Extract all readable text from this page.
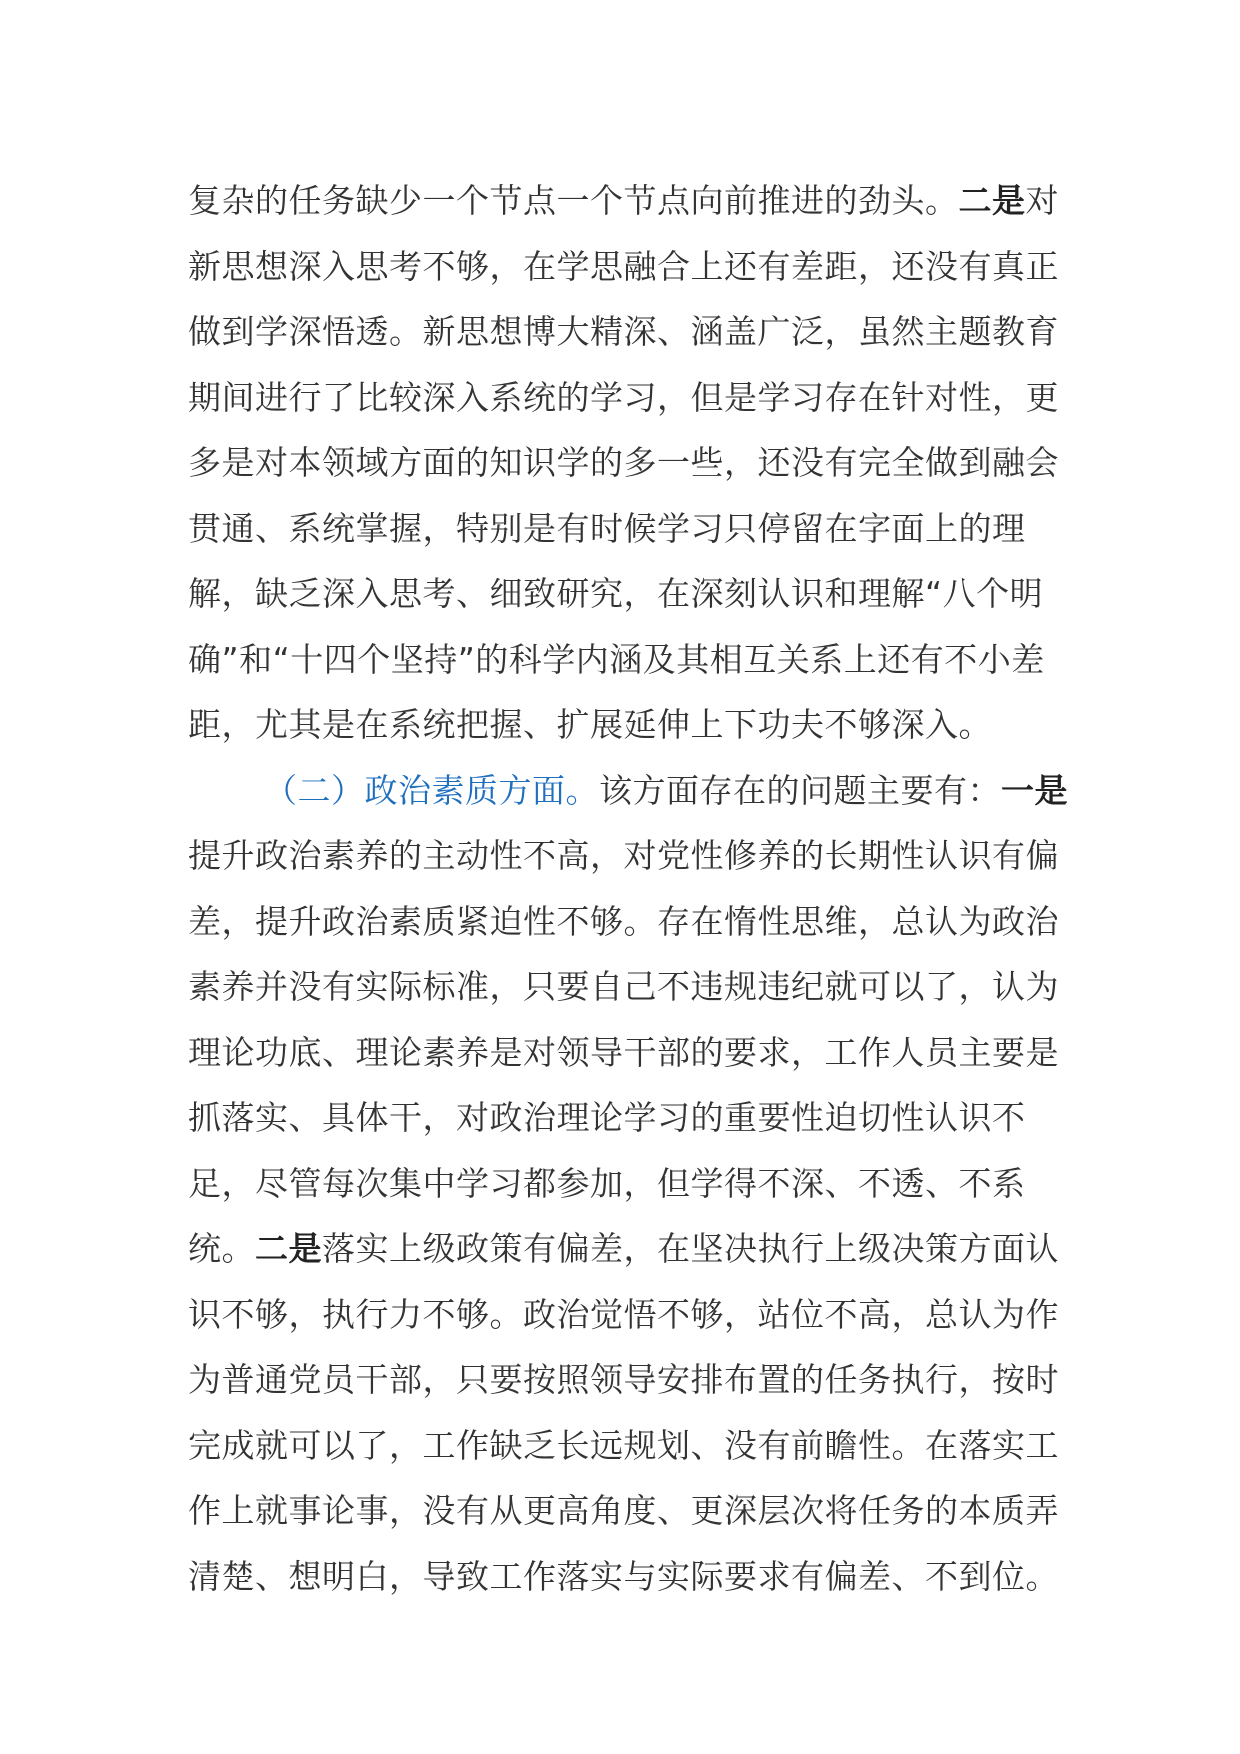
复杂的任务缺少一个节点一个节点向前推进的劲头。二是对新思想深入思考不够，在学思融合上还有差距，还没有真正做到学深悟透。新思想博大精深、涵盖广泛，虽然主题教育期间进行了比较深入系统的学习，但是学习存在针对性，更多是对本领域方面的知识学的多一些，还没有完全做到融会贯通、系统掌握，特别是有时候学习只停留在字面上的理解，缺乏深入思考、细致研究，在深刻认识和理解“八个明确”和“十四个坚持”的科学内涵及其相互关系上还有不小差距，尤其是在系统把握、扩展延伸上下功夫不够深入。

（二）政治素质方面。该方面存在的问题主要有：一是提升政治素养的主动性不高，对党性修养的长期性认识有偏差，提升政治素质紧迫性不够。存在惰性思维，总认为政治素养并没有实际标准，只要自己不违规违纪就可以了，认为理论功底、理论素养是对领导干部的要求，工作人员主要是抓落实、具体干，对政治理论学习的重要性迫切性认识不足，尽管每次集中学习都参加，但学得不深、不透、不系统。二是落实上级政策有偏差，在坚决执行上级决策方面认识不够，执行力不够。政治觉悟不够，站位不高，总认为作为普通党员干部，只要按照领导安排布置的任务执行，按时完成就可以了，工作缺乏长远规划、没有前瞻性。在落实工作上就事论事，没有从更高角度、更深层次将任务的本质弄清楚、想明白，导致工作落实与实际要求有偏差、不到位。
